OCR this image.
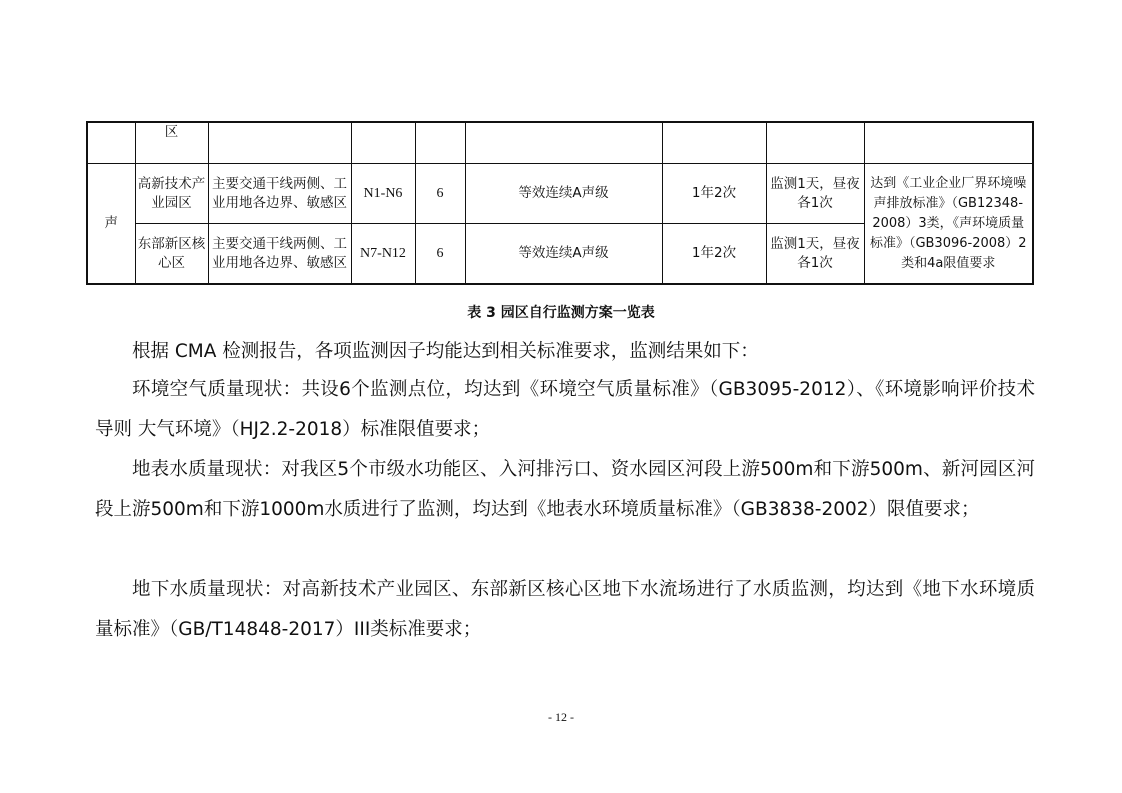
	区							
声	高新技术产业园区	主要交通干线两侧、工业用地各边界、敏感区	N1-N6	6	等效连续A声级	1年2次	监测1天，昼夜各1次	达到《工业企业厂界环境噪声排放标准》（GB12348-2008）3类，《声环境质量标准》（GB3096-2008）2类和4a限值要求
	东部新区核心区	主要交通干线两侧、工业用地各边界、敏感区	N7-N12	6	等效连续A声级	1年2次	监测1天，昼夜各1次	
表 3 园区自行监测方案一览表

根据 CMA 检测报告，各项监测因子均能达到相关标准要求，监测结果如下：

环境空气质量现状：共设6个监测点位，均达到《环境空气质量标准》（GB3095-2012）、《环境影响评价技术导则 大气环境》（HJ2.2-2018）标准限值要求；

地表水质量现状：对我区5个市级水功能区、入河排污口、资水园区河段上游500m和下游500m、新河园区河段上游500m和下游1000m水质进行了监测，均达到《地表水环境质量标准》（GB3838-2002）限值要求；

地下水质量现状：对高新技术产业园区、东部新区核心区地下水流场进行了水质监测，均达到《地下水环境质量标准》（GB/T14848-2017）III类标准要求；

- 12 -
